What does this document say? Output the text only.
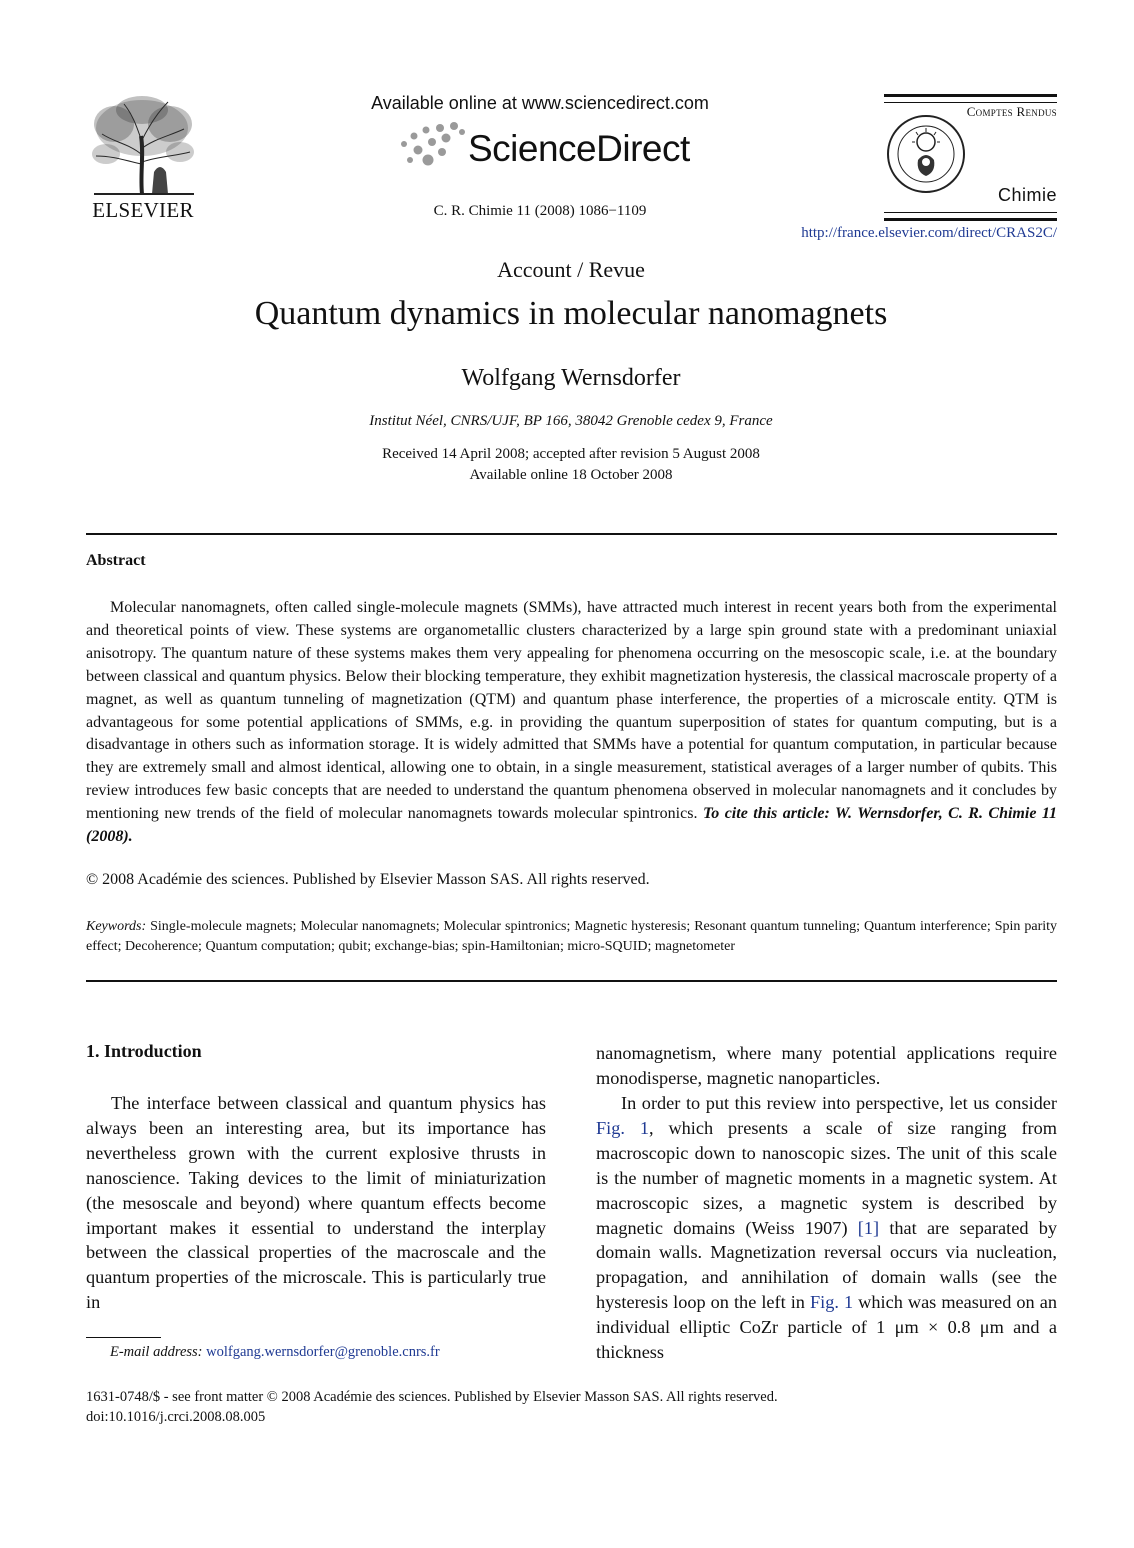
ELSEVIER
Available online at www.sciencedirect.com
ScienceDirect
C. R. Chimie 11 (2008) 1086−1109
Comptes Rendus
Chimie
http://france.elsevier.com/direct/CRAS2C/
Account / Revue
Quantum dynamics in molecular nanomagnets
Wolfgang Wernsdorfer
Institut Néel, CNRS/UJF, BP 166, 38042 Grenoble cedex 9, France
Received 14 April 2008; accepted after revision 5 August 2008
Available online 18 October 2008
Abstract
Molecular nanomagnets, often called single-molecule magnets (SMMs), have attracted much interest in recent years both from the experimental and theoretical points of view. These systems are organometallic clusters characterized by a large spin ground state with a predominant uniaxial anisotropy. The quantum nature of these systems makes them very appealing for phenomena occurring on the mesoscopic scale, i.e. at the boundary between classical and quantum physics. Below their blocking temperature, they exhibit magnetization hysteresis, the classical macroscale property of a magnet, as well as quantum tunneling of magnetization (QTM) and quantum phase interference, the properties of a microscale entity. QTM is advantageous for some potential applications of SMMs, e.g. in providing the quantum superposition of states for quantum computing, but is a disadvantage in others such as information storage. It is widely admitted that SMMs have a potential for quantum computation, in particular because they are extremely small and almost identical, allowing one to obtain, in a single measurement, statistical averages of a larger number of qubits. This review introduces few basic concepts that are needed to understand the quantum phenomena observed in molecular nanomagnets and it concludes by mentioning new trends of the field of molecular nanomagnets towards molecular spintronics. To cite this article: W. Wernsdorfer, C. R. Chimie 11 (2008).
© 2008 Académie des sciences. Published by Elsevier Masson SAS. All rights reserved.
Keywords: Single-molecule magnets; Molecular nanomagnets; Molecular spintronics; Magnetic hysteresis; Resonant quantum tunneling; Quantum interference; Spin parity effect; Decoherence; Quantum computation; qubit; exchange-bias; spin-Hamiltonian; micro-SQUID; magnetometer
1. Introduction
The interface between classical and quantum physics has always been an interesting area, but its importance has nevertheless grown with the current explosive thrusts in nanoscience. Taking devices to the limit of miniaturization (the mesoscale and beyond) where quantum effects become important makes it essential to understand the interplay between the classical properties of the macroscale and the quantum properties of the microscale. This is particularly true in
nanomagnetism, where many potential applications require monodisperse, magnetic nanoparticles.
In order to put this review into perspective, let us consider Fig. 1, which presents a scale of size ranging from macroscopic down to nanoscopic sizes. The unit of this scale is the number of magnetic moments in a magnetic system. At macroscopic sizes, a magnetic system is described by magnetic domains (Weiss 1907) [1] that are separated by domain walls. Magnetization reversal occurs via nucleation, propagation, and annihilation of domain walls (see the hysteresis loop on the left in Fig. 1 which was measured on an individual elliptic CoZr particle of 1 μm × 0.8 μm and a thickness
E-mail address: wolfgang.wernsdorfer@grenoble.cnrs.fr
1631-0748/$ - see front matter © 2008 Académie des sciences. Published by Elsevier Masson SAS. All rights reserved.
doi:10.1016/j.crci.2008.08.005
